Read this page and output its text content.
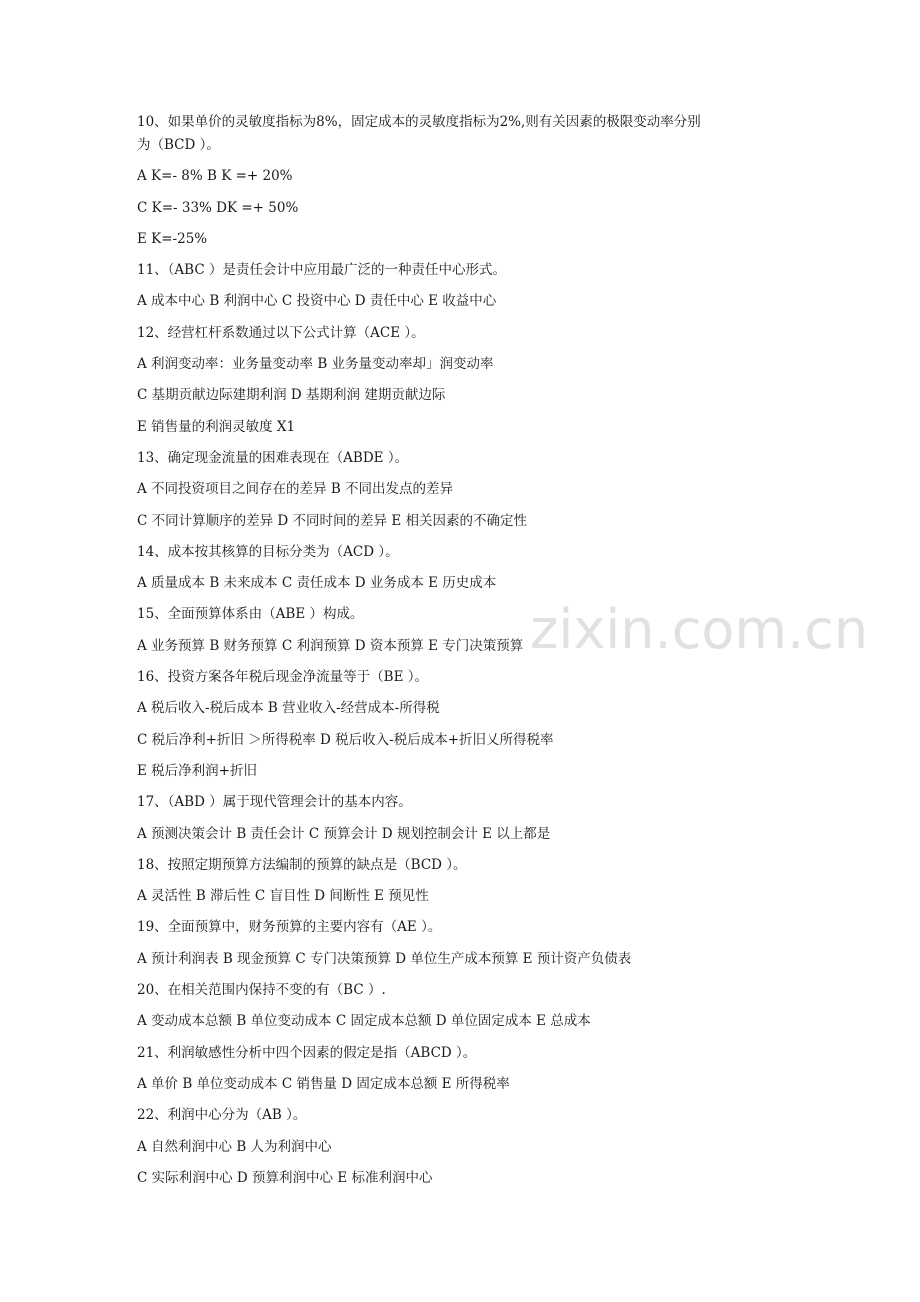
10、如果单价的灵敏度指标为8%，固定成本的灵敏度指标为2%,则有关因素的极限变动率分别
为（BCD ）。
A K=- 8% B K =+ 20%
C K=- 33% DK =+ 50%
E K=-25%
11、（ABC ）是责任会计中应用最广泛的一种责任中心形式。
A 成本中心 B 利润中心 C 投资中心 D 责任中心 E 收益中心
12、经营杠杆系数通过以下公式计算（ACE ）。
A 利润变动率：业务量变动率 B 业务量变动率却」润变动率
C 基期贡献边际建期利润 D 基期利润 建期贡献边际
E 销售量的利润灵敏度 X1
13、确定现金流量的困难表现在（ABDE ）。
A 不同投资项目之间存在的差异 B 不同出发点的差异
C 不同计算顺序的差异 D 不同时间的差异 E 相关因素的不确定性
14、成本按其核算的目标分类为（ACD ）。
A 质量成本 B 未来成本 C 责任成本 D 业务成本 E 历史成本
15、全面预算体系由（ABE ）构成。
A 业务预算 B 财务预算 C 利润预算 D 资本预算 E 专门决策预算
16、投资方案各年税后现金净流量等于（BE ）。
A 税后收入-税后成本 B 营业收入-经营成本-所得税
C 税后净利+折旧 ＞所得税率 D 税后收入-税后成本+折旧乂所得税率
E 税后净利润+折旧
17、（ABD ）属于现代管理会计的基本内容。
A 预测决策会计 B 责任会计 C 预算会计 D 规划控制会计 E 以上都是
18、按照定期预算方法编制的预算的缺点是（BCD ）。
A 灵活性 B 滞后性 C 盲目性 D 间断性 E 预见性
19、全面预算中，财务预算的主要内容有（AE ）。
A 预计利润表 B 现金预算 C 专门决策预算 D 单位生产成本预算 E 预计资产负债表
20、在相关范围内保持不变的有（BC ）.
A 变动成本总额 B 单位变动成本 C 固定成本总额 D 单位固定成本 E 总成本
21、利润敏感性分析中四个因素的假定是指（ABCD ）。
A 单价 B 单位变动成本 C 销售量 D 固定成本总额 E 所得税率
22、利润中心分为（AB ）。
A 自然利润中心 B 人为利润中心
C 实际利润中心 D 预算利润中心 E 标准利润中心
zixin.com.cn
